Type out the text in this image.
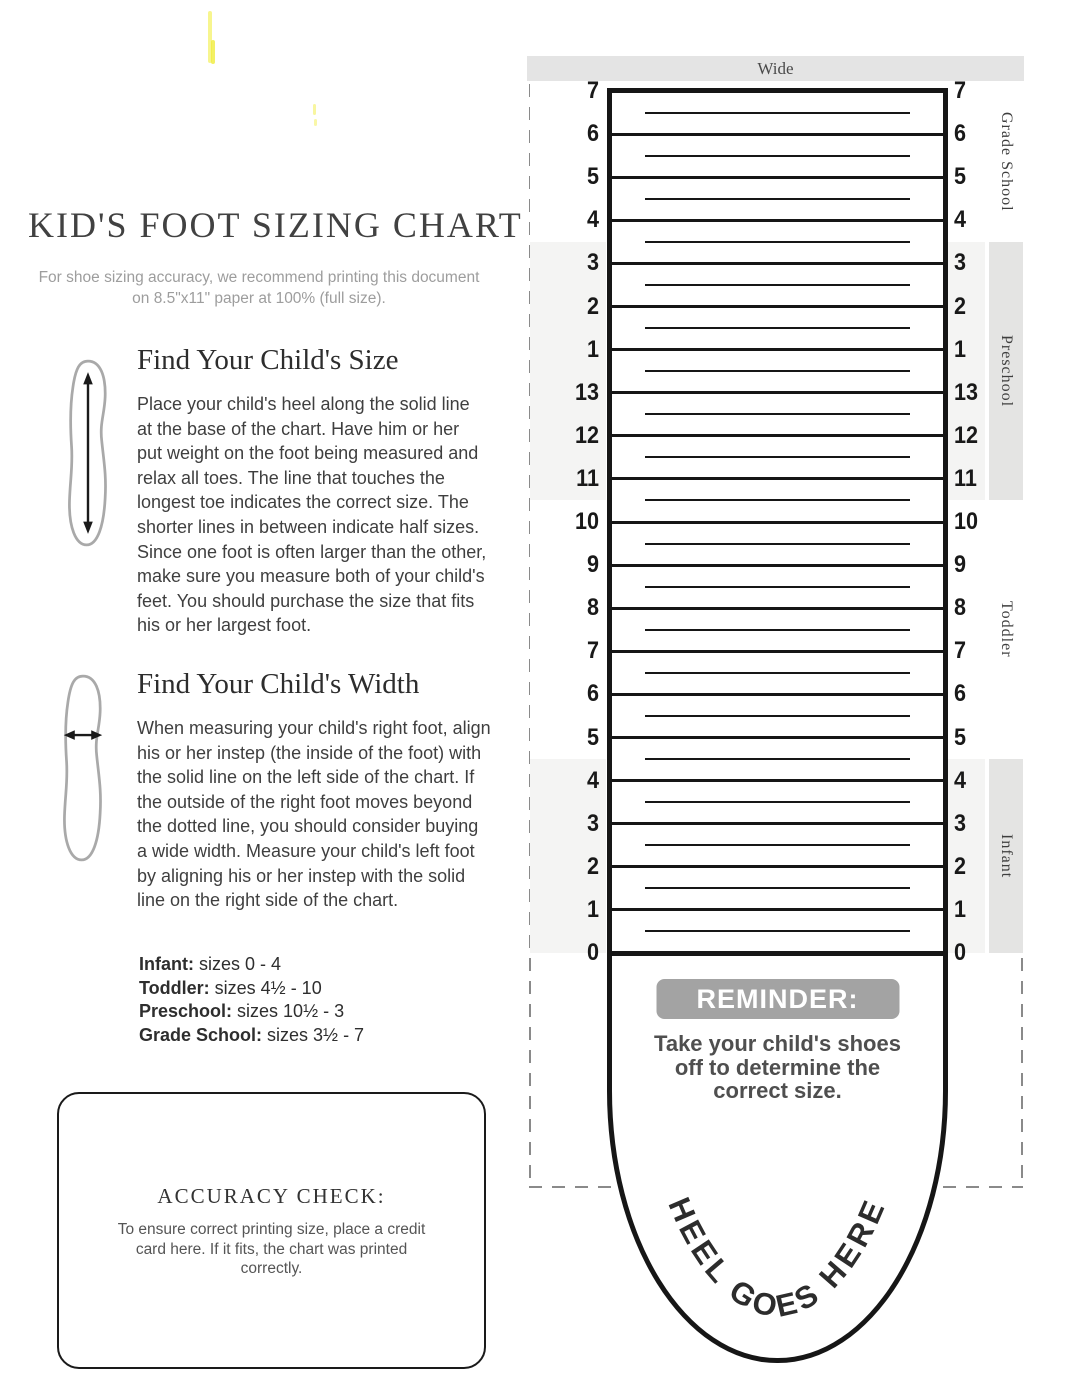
KID'S FOOT SIZING CHART
For shoe sizing accuracy, we recommend printing this document on 8.5"x11" paper at 100% (full size).
Find Your Child's Size
Place your child's heel along the solid line at the base of the chart. Have him or her put weight on the foot being measured and relax all toes. The line that touches the longest toe indicates the correct size. The shorter lines in between indicate half sizes. Since one foot is often larger than the other, make sure you measure both of your child's feet. You should purchase the size that fits his or her largest foot.
Find Your Child's Width
When measuring your child's right foot, align his or her instep (the inside of the foot) with the solid line on the left side of the chart. If the outside of the right foot moves beyond the dotted line, you should consider buying a wide width. Measure your child's left foot by aligning his or her instep with the solid line on the right side of the chart.
Infant: sizes 0 - 4
Toddler: sizes 4½ - 10
Preschool: sizes 10½ - 3
Grade School: sizes 3½ - 7
ACCURACY CHECK:
To ensure correct printing size, place a credit card here. If it fits, the chart was printed correctly.
Wide
Grade School
Preschool
Toddler
Infant
7	7
6	6
5	5
4	4
3	3
2	2
1	1
13	13
12	12
11	11
10	10
9	9
8	8
7	7
6	6
5	5
4	4
3	3
2	2
1	1
0	0
REMINDER:
Take your child's shoes off to determine the correct size.
HEEL GOES HERE
